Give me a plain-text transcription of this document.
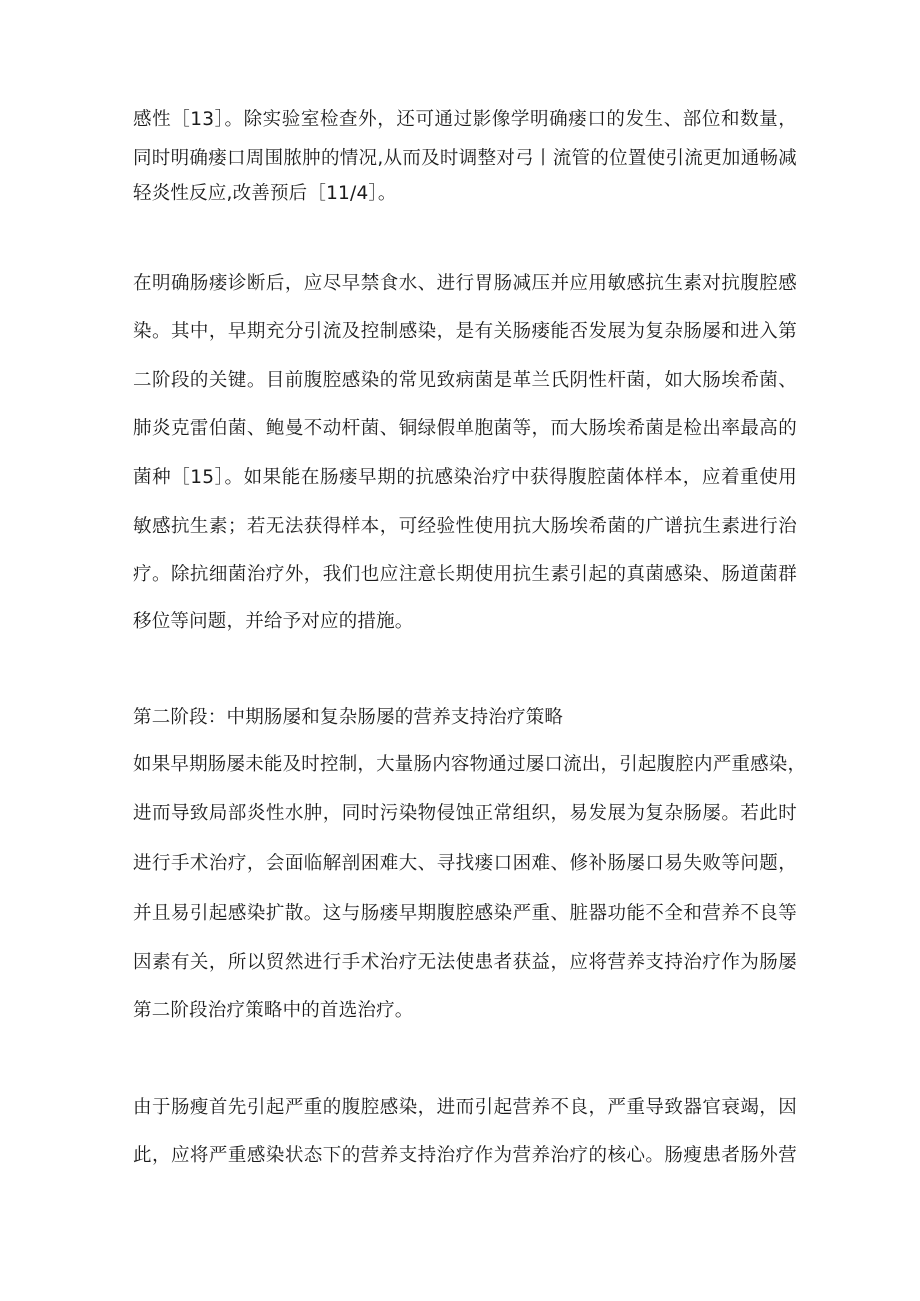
感性［13］。除实验室检查外，还可通过影像学明确瘘口的发生、部位和数量，
同时明确瘘口周围脓肿的情况,从而及时调整对弓丨流管的位置使引流更加通畅减
轻炎性反应,改善预后［11/4］。
在明确肠瘘诊断后，应尽早禁食水、进行胃肠减压并应用敏感抗生素对抗腹腔感
染。其中，早期充分引流及控制感染，是有关肠瘘能否发展为复杂肠屡和进入第
二阶段的关键。目前腹腔感染的常见致病菌是革兰氏阴性杆菌，如大肠埃希菌、
肺炎克雷伯菌、鲍曼不动杆菌、铜绿假单胞菌等，而大肠埃希菌是检出率最高的
菌种［15］。如果能在肠瘘早期的抗感染治疗中获得腹腔菌体样本，应着重使用
敏感抗生素；若无法获得样本，可经验性使用抗大肠埃希菌的广谱抗生素进行治
疗。除抗细菌治疗外，我们也应注意长期使用抗生素引起的真菌感染、肠道菌群
移位等问题，并给予对应的措施。
第二阶段：中期肠屡和复杂肠屡的营养支持治疗策略
如果早期肠屡未能及时控制，大量肠内容物通过屡口流出，引起腹腔内严重感染，
进而导致局部炎性水肿，同时污染物侵蚀正常组织，易发展为复杂肠屡。若此时
进行手术治疗，会面临解剖困难大、寻找瘘口困难、修补肠屡口易失败等问题，
并且易引起感染扩散。这与肠瘘早期腹腔感染严重、脏器功能不全和营养不良等
因素有关，所以贸然进行手术治疗无法使患者获益，应将营养支持治疗作为肠屡
第二阶段治疗策略中的首选治疗。
由于肠瘦首先引起严重的腹腔感染，进而引起营养不良，严重导致器官衰竭，因
此，应将严重感染状态下的营养支持治疗作为营养治疗的核心。肠瘦患者肠外营
